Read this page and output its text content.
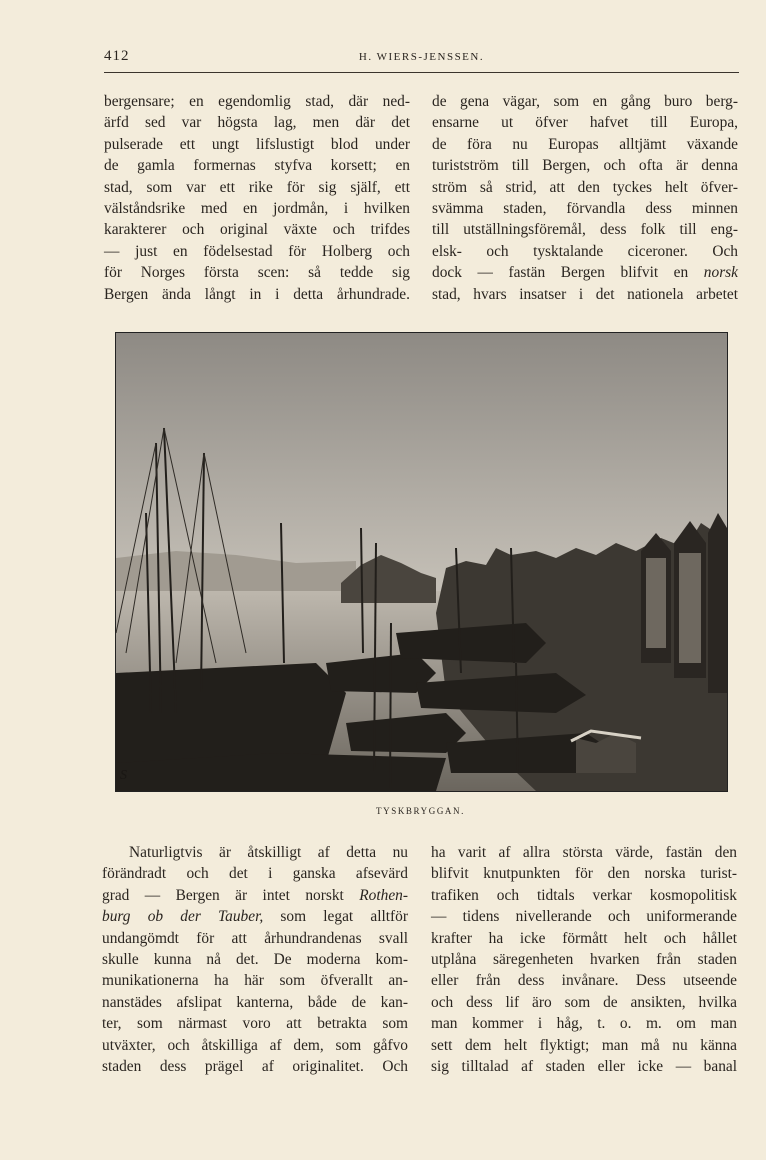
412	H. WIERS-JENSSEN.
bergensare; en egendomlig stad, där ned-
ärfd sed var högsta lag, men där det
pulserade ett ungt lifslustigt blod under
de gamla formernas styfva korsett; en
stad, som var ett rike för sig själf, ett
välståndsrike med en jordmån, i hvilken
karakterer och original växte och trifdes
— just en födelsestad för Holberg och
för Norges första scen: så tedde sig
Bergen ända långt in i detta århundrade.
de gena vägar, som en gång buro berg-
ensarne ut öfver hafvet till Europa,
de föra nu Europas alltjämt växande
turistström till Bergen, och ofta är denna
ström så strid, att den tyckes helt öfver-
svämma staden, förvandla dess minnen
till utställningsföremål, dess folk till eng-
elsk- och tysktalande ciceroner. Och
dock — fastän Bergen blifvit en norsk
stad, hvars insatser i det nationela arbetet
S
TYSKBRYGGAN.
Naturligtvis är åtskilligt af detta nu
förändradt och det i ganska afsevärd
grad — Bergen är intet norskt Rothen-
burg ob der Tauber, som legat alltför
undangömdt för att århundrandenas svall
skulle kunna nå det. De moderna kom-
munikationerna ha här som öfverallt an-
nanstädes afslipat kanterna, både de kan-
ter, som närmast voro att betrakta som
utväxter, och åtskilliga af dem, som gåfvo
staden dess prägel af originalitet. Och
ha varit af allra största värde, fastän den
blifvit knutpunkten för den norska turist-
trafiken och tidtals verkar kosmopolitisk
— tidens nivellerande och uniformerande
krafter ha icke förmått helt och hållet
utplåna säregenheten hvarken från staden
eller från dess invånare. Dess utseende
och dess lif äro som de ansikten, hvilka
man kommer i håg, t. o. m. om man
sett dem helt flyktigt; man må nu känna
sig tilltalad af staden eller icke — banal
